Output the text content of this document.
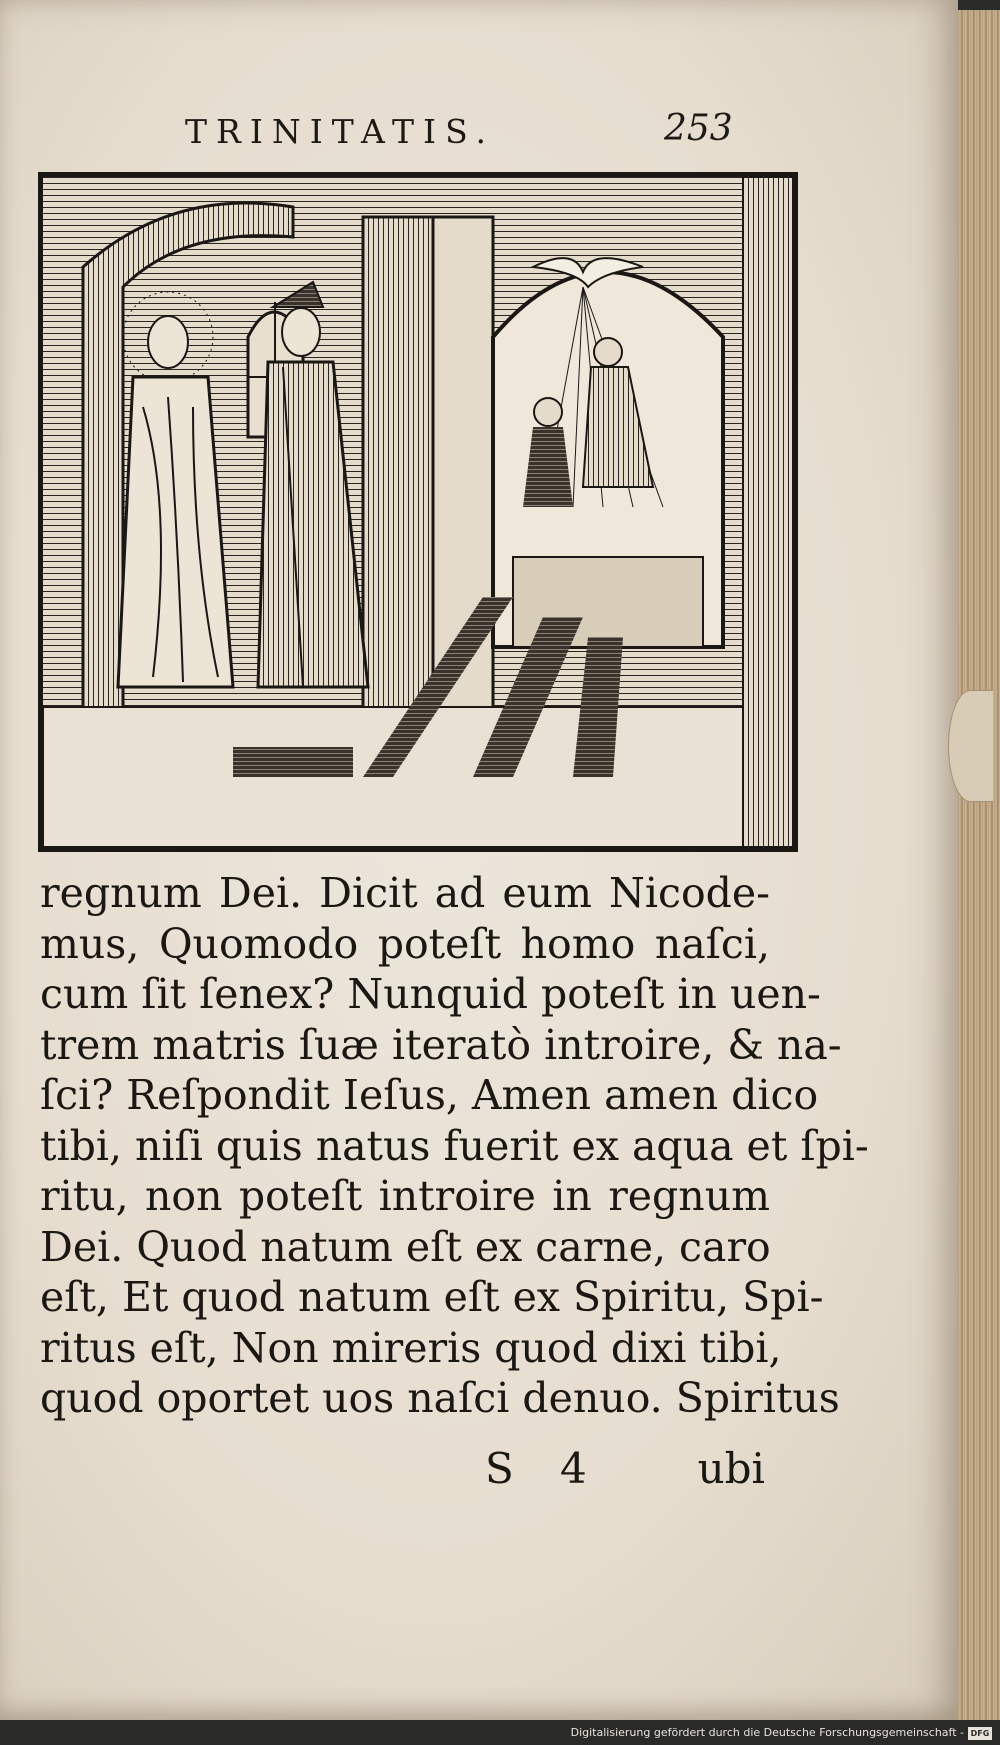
TRINITATIS.	253
regnum Dei. Dicit ad eum Nicode-
mus, Quomodo poteſt homo naſci,
cum ſit ſenex? Nunquid poteſt in uen-
trem matris ſuæ iteratò introire, & na-
ſci? Reſpondit Ieſus, Amen amen dico
tibi, niſi quis natus fuerit ex aqua et ſpi-
ritu, non poteſt introire in regnum
Dei. Quod natum eſt ex carne, caro
eſt, Et quod natum eſt ex Spiritu, Spi-
ritus eſt, Non mireris quod dixi tibi,
quod oportet uos naſci denuo. Spiritus
S 4	ubi
Digitalisierung gefördert durch die Deutsche Forschungsgemeinschaft - DFG
